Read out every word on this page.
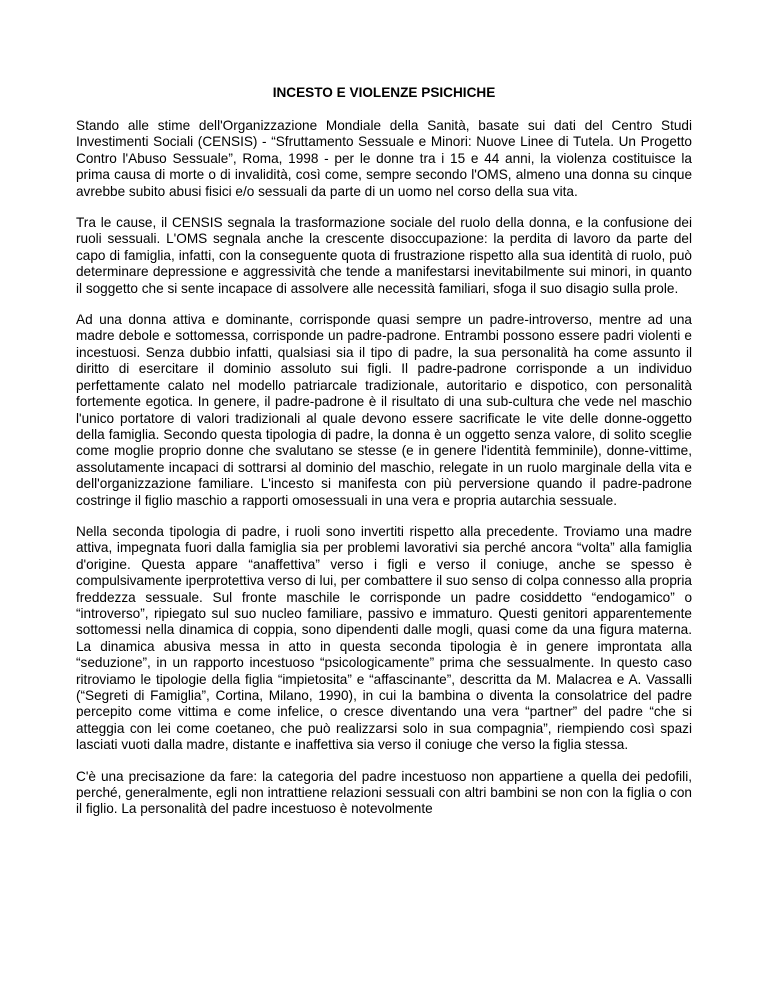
INCESTO E VIOLENZE PSICHICHE

Stando alle stime dell'Organizzazione Mondiale della Sanità, basate sui dati del Centro Studi Investimenti Sociali (CENSIS) - “Sfruttamento Sessuale e Minori: Nuove Linee di Tutela. Un Progetto Contro l'Abuso Sessuale”, Roma, 1998 - per le donne tra i 15 e 44 anni, la violenza costituisce la prima causa di morte o di invalidità, così come, sempre secondo l'OMS, almeno una donna su cinque avrebbe subito abusi fisici e/o sessuali da parte di un uomo nel corso della sua vita.

Tra le cause, il CENSIS segnala la trasformazione sociale del ruolo della donna, e la confusione dei ruoli sessuali. L'OMS segnala anche la crescente disoccupazione: la perdita di lavoro da parte del capo di famiglia, infatti, con la conseguente quota di frustrazione rispetto alla sua identità di ruolo, può determinare depressione e aggressività che tende a manifestarsi inevitabilmente sui minori, in quanto il soggetto che si sente incapace di assolvere alle necessità familiari, sfoga il suo disagio sulla prole.

Ad una donna attiva e dominante, corrisponde quasi sempre un padre-introverso, mentre ad una madre debole e sottomessa, corrisponde un padre-padrone. Entrambi possono essere padri violenti e incestuosi. Senza dubbio infatti, qualsiasi sia il tipo di padre, la sua personalità ha come assunto il diritto di esercitare il dominio assoluto sui figli. Il padre-padrone corrisponde a un individuo perfettamente calato nel modello patriarcale tradizionale, autoritario e dispotico, con personalità fortemente egotica. In genere, il padre-padrone è il risultato di una sub-cultura che vede nel maschio l'unico portatore di valori tradizionali al quale devono essere sacrificate le vite delle donne-oggetto della famiglia. Secondo questa tipologia di padre, la donna è un oggetto senza valore, di solito sceglie come moglie proprio donne che svalutano se stesse (e in genere l'identità femminile), donne-vittime, assolutamente incapaci di sottrarsi al dominio del maschio, relegate in un ruolo marginale della vita e dell'organizzazione familiare. L'incesto si manifesta con più perversione quando il padre-padrone costringe il figlio maschio a rapporti omosessuali in una vera e propria autarchia sessuale.

Nella seconda tipologia di padre, i ruoli sono invertiti rispetto alla precedente. Troviamo una madre attiva, impegnata fuori dalla famiglia sia per problemi lavorativi sia perché ancora “volta” alla famiglia d'origine. Questa appare “anaffettiva” verso i figli e verso il coniuge, anche se spesso è compulsivamente iperprotettiva verso di lui, per combattere il suo senso di colpa connesso alla propria freddezza sessuale. Sul fronte maschile le corrisponde un padre cosiddetto “endogamico” o “introverso”, ripiegato sul suo nucleo familiare, passivo e immaturo. Questi genitori apparentemente sottomessi nella dinamica di coppia, sono dipendenti dalle mogli, quasi come da una figura materna. La dinamica abusiva messa in atto in questa seconda tipologia è in genere improntata alla “seduzione”, in un rapporto incestuoso “psicologicamente” prima che sessualmente. In questo caso ritroviamo le tipologie della figlia “impietosita” e “affascinante”, descritta da M. Malacrea e A. Vassalli (“Segreti di Famiglia”, Cortina, Milano, 1990), in cui la bambina o diventa la consolatrice del padre percepito come vittima e come infelice, o cresce diventando una vera “partner” del padre “che si atteggia con lei come coetaneo, che può realizzarsi solo in sua compagnia”, riempiendo così spazi lasciati vuoti dalla madre, distante e inaffettiva sia verso il coniuge che verso la figlia stessa.

C'è una precisazione da fare: la categoria del padre incestuoso non appartiene a quella dei pedofili, perché, generalmente, egli non intrattiene relazioni sessuali con altri bambini se non con la figlia o con il figlio. La personalità del padre incestuoso è notevolmente
